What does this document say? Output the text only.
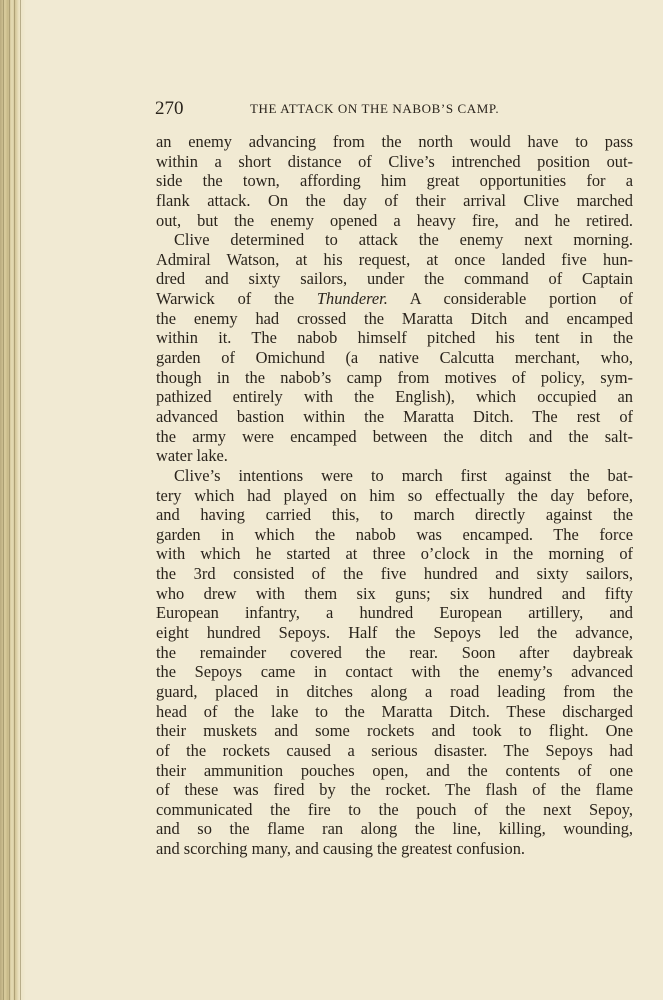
270	THE ATTACK ON THE NABOB’S CAMP.
an enemy advancing from the north would have to pass
within a short distance of Clive’s intrenched position out-
side the town, affording him great opportunities for a
flank attack. On the day of their arrival Clive marched
out, but the enemy opened a heavy fire, and he retired.
Clive determined to attack the enemy next morning.
Admiral Watson, at his request, at once landed five hun-
dred and sixty sailors, under the command of Captain
Warwick of the Thunderer. A considerable portion of
the enemy had crossed the Maratta Ditch and encamped
within it. The nabob himself pitched his tent in the
garden of Omichund (a native Calcutta merchant, who,
though in the nabob’s camp from motives of policy, sym-
pathized entirely with the English), which occupied an
advanced bastion within the Maratta Ditch. The rest of
the army were encamped between the ditch and the salt-
water lake.
Clive’s intentions were to march first against the bat-
tery which had played on him so effectually the day before,
and having carried this, to march directly against the
garden in which the nabob was encamped. The force
with which he started at three o’clock in the morning of
the 3rd consisted of the five hundred and sixty sailors,
who drew with them six guns; six hundred and fifty
European infantry, a hundred European artillery, and
eight hundred Sepoys. Half the Sepoys led the advance,
the remainder covered the rear. Soon after daybreak
the Sepoys came in contact with the enemy’s advanced
guard, placed in ditches along a road leading from the
head of the lake to the Maratta Ditch. These discharged
their muskets and some rockets and took to flight. One
of the rockets caused a serious disaster. The Sepoys had
their ammunition pouches open, and the contents of one
of these was fired by the rocket. The flash of the flame
communicated the fire to the pouch of the next Sepoy,
and so the flame ran along the line, killing, wounding,
and scorching many, and causing the greatest confusion.
